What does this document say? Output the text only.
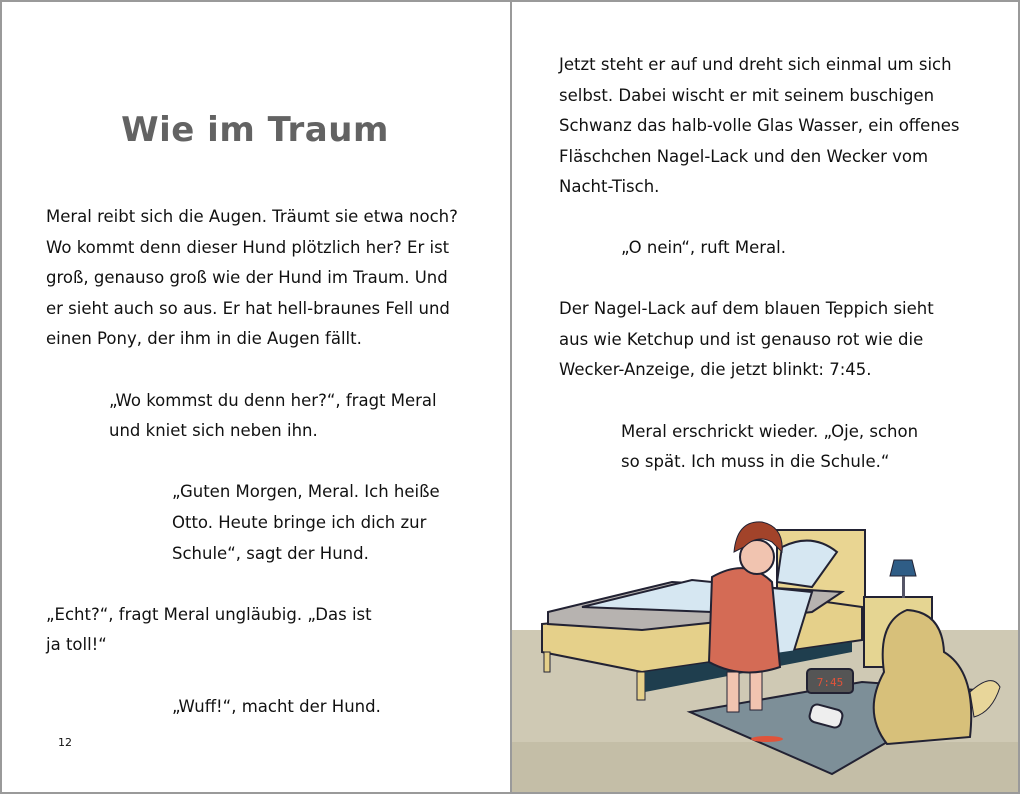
Wie im Traum
Meral reibt sich die Augen. Träumt sie etwa noch?
Wo kommt denn dieser Hund plötzlich her? Er ist
groß, genauso groß wie der Hund im Traum. Und
er sieht auch so aus. Er hat hell-braunes Fell und
einen Pony, der ihm in die Augen fällt.
„Wo kommst du denn her?“, fragt Meral
und kniet sich neben ihn.
„Guten Morgen, Meral. Ich heiße
Otto. Heute bringe ich dich zur
Schule“, sagt der Hund.
„Echt?“, fragt Meral ungläubig. „Das ist
ja toll!“
„Wuff!“, macht der Hund.
12
Jetzt steht er auf und dreht sich einmal um sich
selbst. Dabei wischt er mit seinem buschigen
Schwanz das halb-volle Glas Wasser, ein offenes
Fläschchen Nagel-Lack und den Wecker vom
Nacht-Tisch.
„O nein“, ruft Meral.
Der Nagel-Lack auf dem blauen Teppich sieht
aus wie Ketchup und ist genauso rot wie die
Wecker-Anzeige, die jetzt blinkt: 7:45.
Meral erschrickt wieder. „Oje, schon
so spät. Ich muss in die Schule.“
7:45
